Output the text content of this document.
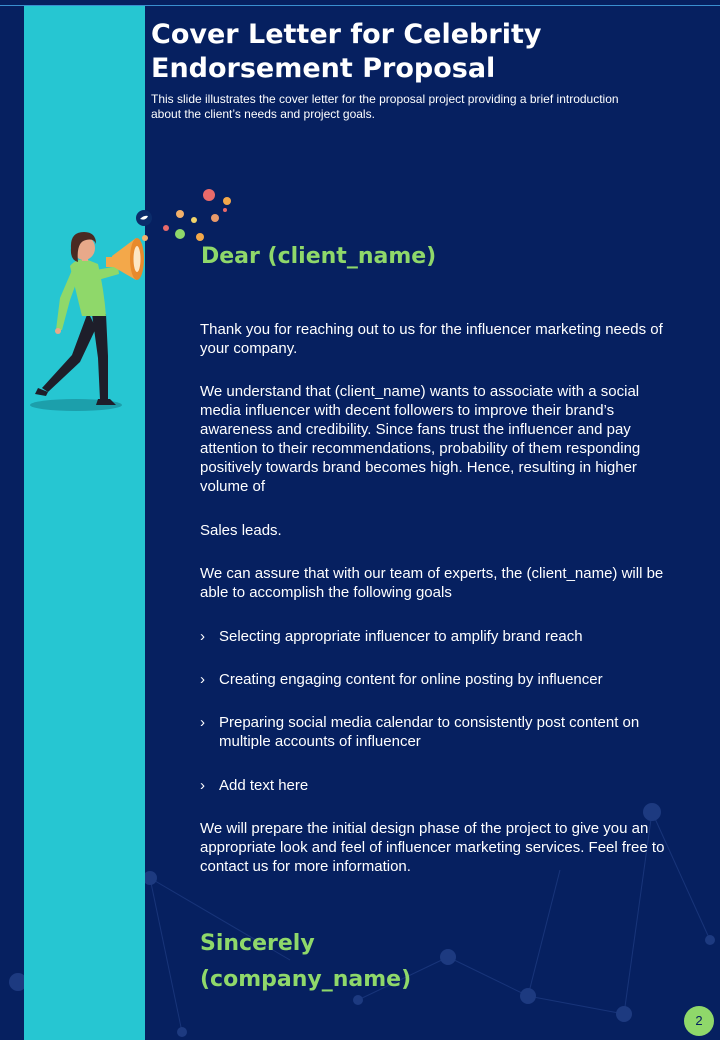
Cover Letter for Celebrity
Endorsement Proposal

This slide illustrates the cover letter for the proposal project providing a brief introduction
about the client’s needs and project goals.

Dear (client_name)

Thank you for reaching out to us for the influencer marketing needs of
your company.

We understand that (client_name) wants to associate with a social
media influencer with decent followers to improve their brand’s
awareness and credibility. Since fans trust the influencer and pay
attention to their recommendations, probability of them responding
positively towards brand becomes high. Hence, resulting in higher
volume of

Sales leads.

We can assure that with our team of experts, the (client_name) will be
able to accomplish the following goals

› Selecting appropriate influencer to amplify brand reach
› Creating engaging content for online posting by influencer
› Preparing social media calendar to consistently post content on
multiple accounts of influencer
› Add text here

We will prepare the initial design phase of the project to give you an
appropriate look and feel of influencer marketing services. Feel free to
contact us for more information.

Sincerely
(company_name)
2
